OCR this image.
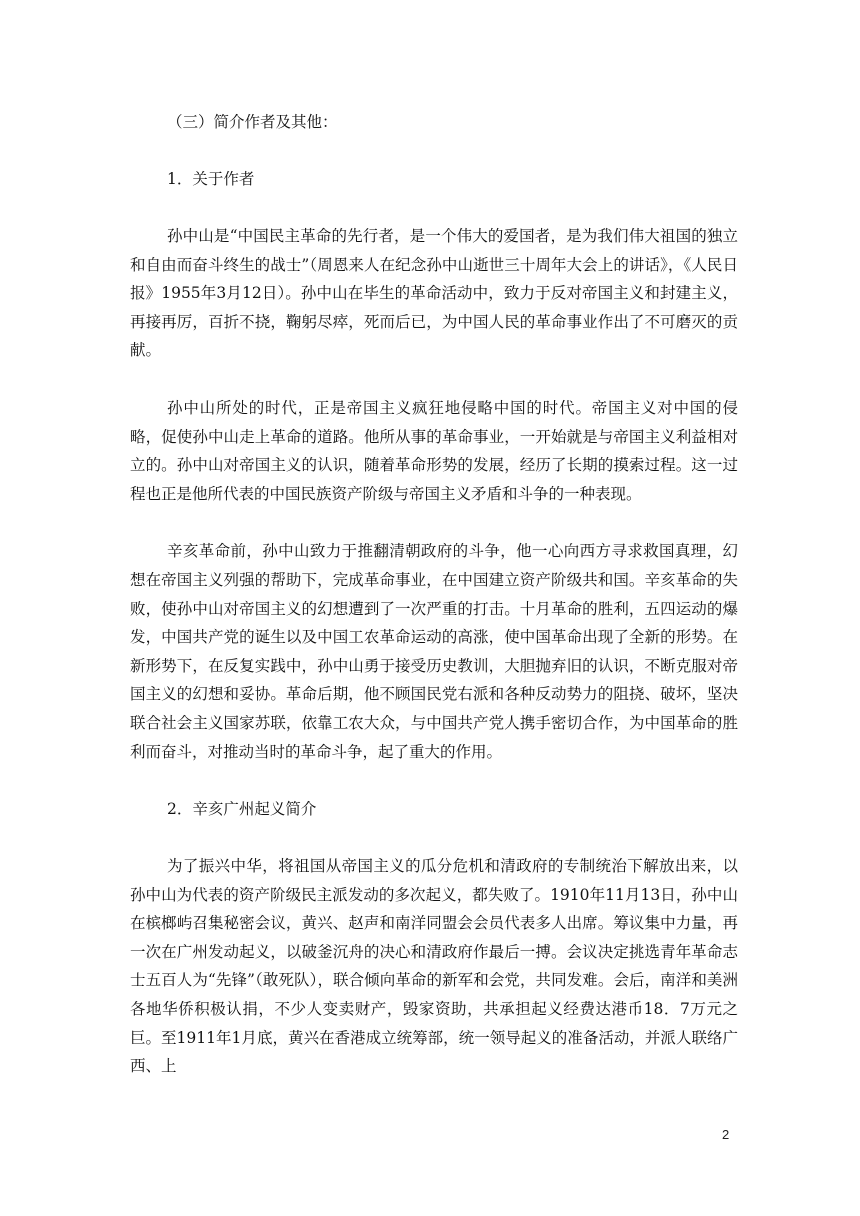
（三）简介作者及其他：
1．关于作者

孙中山是“中国民主革命的先行者，是一个伟大的爱国者，是为我们伟大祖国的独立和自由而奋斗终生的战士”（周恩来人在纪念孙中山逝世三十周年大会上的讲话》，《人民日报》1955年3月12日）。孙中山在毕生的革命活动中，致力于反对帝国主义和封建主义，再接再厉，百折不挠，鞠躬尽瘁，死而后已，为中国人民的革命事业作出了不可磨灭的贡献。

孙中山所处的时代，正是帝国主义疯狂地侵略中国的时代。帝国主义对中国的侵略，促使孙中山走上革命的道路。他所从事的革命事业，一开始就是与帝国主义利益相对立的。孙中山对帝国主义的认识，随着革命形势的发展，经历了长期的摸索过程。这一过程也正是他所代表的中国民族资产阶级与帝国主义矛盾和斗争的一种表现。

辛亥革命前，孙中山致力于推翻清朝政府的斗争，他一心向西方寻求救国真理，幻想在帝国主义列强的帮助下，完成革命事业，在中国建立资产阶级共和国。辛亥革命的失败，使孙中山对帝国主义的幻想遭到了一次严重的打击。十月革命的胜利，五四运动的爆发，中国共产党的诞生以及中国工农革命运动的高涨，使中国革命出现了全新的形势。在新形势下，在反复实践中，孙中山勇于接受历史教训，大胆抛弃旧的认识，不断克服对帝国主义的幻想和妥协。革命后期，他不顾国民党右派和各种反动势力的阻挠、破坏，坚决联合社会主义国家苏联，依靠工农大众，与中国共产党人携手密切合作，为中国革命的胜利而奋斗，对推动当时的革命斗争，起了重大的作用。

2．辛亥广州起义简介

为了振兴中华，将祖国从帝国主义的瓜分危机和清政府的专制统治下解放出来，以孙中山为代表的资产阶级民主派发动的多次起义，都失败了。1910年11月13日，孙中山在槟榔屿召集秘密会议，黄兴、赵声和南洋同盟会会员代表多人出席。筹议集中力量，再一次在广州发动起义，以破釜沉舟的决心和清政府作最后一搏。会议决定挑选青年革命志士五百人为“先锋”（敢死队），联合倾向革命的新军和会党，共同发难。会后，南洋和美洲各地华侨积极认捐，不少人变卖财产，毁家资助，共承担起义经费达港币18．7万元之巨。至1911年1月底，黄兴在香港成立统筹部，统一领导起义的准备活动，并派人联络广西、上

2
